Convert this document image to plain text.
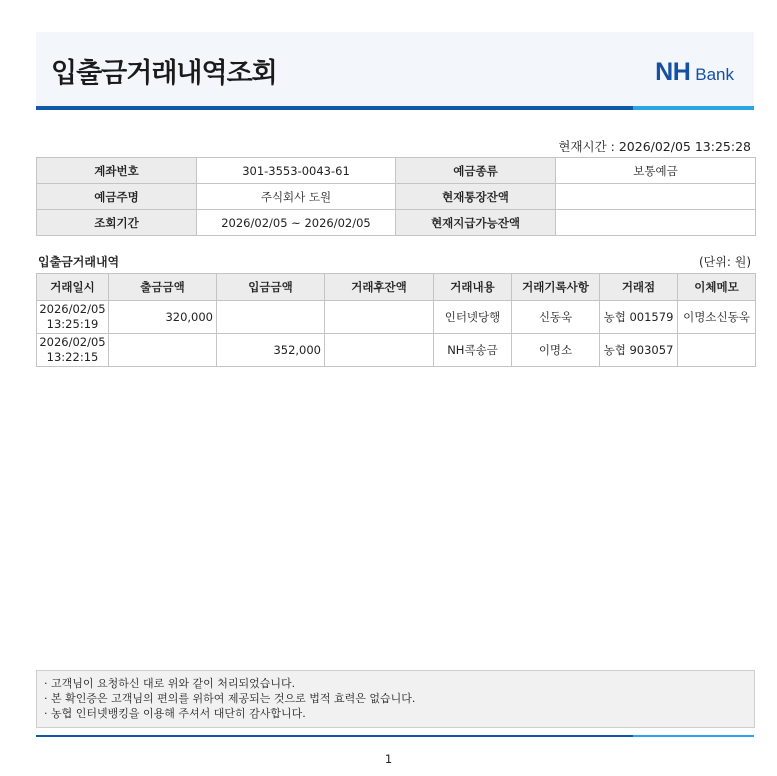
입출금거래내역조회	NH Bank
현재시간 : 2026/02/05 13:25:28
계좌번호	301-3553-0043-61	예금종류	보통예금
예금주명	주식회사 도원	현재통장잔액	
조회기간	2026/02/05 ~ 2026/02/05	현재지급가능잔액	
입출금거래내역	(단위: 원)
거래일시	출금금액	입금금액	거래후잔액	거래내용	거래기록사항	거래점	이체메모
2026/02/05
13:25:19	320,000			인터넷당행	신동욱	농협 001579	이명소신동욱
2026/02/05
13:22:15		352,000		NH콕송금	이명소	농협 903057	
· 고객님이 요청하신 대로 위와 같이 처리되었습니다.
· 본 확인증은 고객님의 편의를 위하여 제공되는 것으로 법적 효력은 없습니다.
· 농협 인터넷뱅킹을 이용해 주셔서 대단히 감사합니다.
1
